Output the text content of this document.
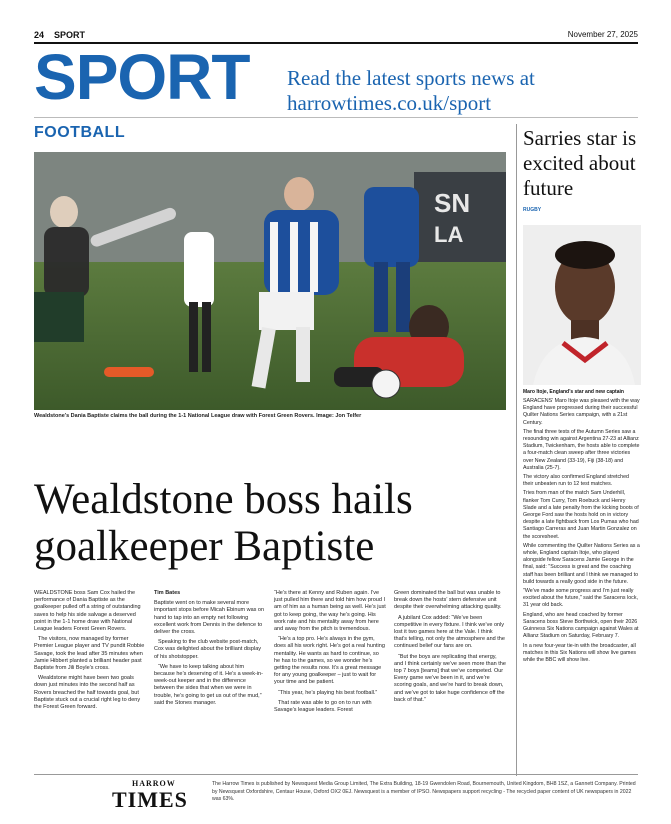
24 SPORT	November 27, 2025
SPORT Read the latest sports news at
harrowtimes.co.uk/sport
FOOTBALL
SN
LA
Wealdstone’s Dania Baptiste claims the ball during the 1-1 National League draw with Forest Green Rovers. Image: Jon Telfer
Wealdstone boss hails
goalkeeper Baptiste

WEALDSTONE boss Sam Cox hailed the performance of Dania Baptiste as the goalkeeper pulled off a string of outstanding saves to help his side salvage a deserved point in the 1-1 home draw with National League leaders Forest Green Rovers.

The visitors, now managed by former Premier League player and TV pundit Robbie Savage, took the lead after 35 minutes when Jamie Hibbert planted a brilliant header past Baptiste from Jili Boyle’s cross.

Wealdstone might have been two goals down just minutes into the second half as Rovers breached the half towards goal, but Baptiste stuck out a crucial right leg to deny the Forest Green forward.

Tim Bates

Baptiste went on to make several more important stops before Micah Ebinum was on hand to tap into an empty net following excellent work from Dennis in the defence to deliver the cross.

Speaking to the club website post-match, Cox was delighted about the brilliant display of his shotstopper.

“We have to keep talking about him because he’s deserving of it. He’s a week-in-week-out keeper and in the difference between the sides that when we were in trouble, he’s going to get us out of the mud,” said the Stones manager.

“He’s there at Kenny and Ruben again. I’ve just pulled him there and told him how proud I am of him as a human being as well. He’s just got to keep going, the way he’s going. His work rate and his mentality away from here and away from the pitch is tremendous.

“He’s a top pro. He’s always in the gym, does all his work right. He’s got a real hunting mentality. He wants as hard to continue, so he has to the games, so we wonder he’s getting the results now. It’s a great message for any young goalkeeper – just to wait for your time and be patient.

“This year, he’s playing his best football.”

That rate was able to go on to run with Savage’s league leaders. Forest

Green dominated the ball but was unable to break down the hosts’ stern defensive unit despite their overwhelming attacking quality.

A jubilant Cox added: “We’ve been competitive in every fixture. I think we’ve only lost it two games here at the Vale. I think that’s telling, not only the atmosphere and the continued belief our fans are on.

“But the boys are replicating that energy, and I think certainly we’ve seen more than the top 7 boys [teams] that we’ve competed. Our Every game we’ve been in it, and we’re scoring goals, and we’re hard to break down, and we’ve got to take huge confidence off the back of that.”

Sarries star is excited about future
RUGBY
Maro Itoje, England’s star and new captain

SARACENS’ Maro Itoje was pleased with the way England have progressed during their successful Quilter Nations Series campaign, with a 21st Century.

The final three tests of the Autumn Series saw a resounding win against Argentina 27-23 at Allianz Stadium, Twickenham, the hosts able to complete a four-match clean sweep after three victories over New Zealand (33-19), Fiji (38-18) and Australia (25-7).

The victory also confirmed England stretched their unbeaten run to 12 test matches.

Tries from man of the match Sam Underhill, flanker Tom Curry, Tom Roebuck and Henry Slade and a late penalty from the kicking boots of George Ford saw the hosts hold on in victory despite a late fightback from Los Pumas who had Santiago Carreras and Juan Martin Gonzalez on the scoresheet.

While commenting the Quilter Nations Series as a whole, England captain Itoje, who played alongside fellow Saracens Jamie George in the final, said: "Success is great and the coaching staff has been brilliant and I think we managed to build towards a really good side in the future.

"We’ve made some progress and I’m just really excited about the future," said the Saracens lock, 31 year old back.

England, who are head coached by former Saracens boss Steve Borthwick, open their 2026 Guinness Six Nations campaign against Wales at Allianz Stadium on Saturday, February 7.

In a new four-year tie-in with the broadcaster, all matches in this Six Nations will show live games while the BBC will show live.

HARROW
TIMES
The Harrow Times is published by Newsquest Media Group Limited, The Extra Building, 18-19 Gwendolen Road, Bournemouth, United Kingdom, BH8 1SZ, a Gannett Company. Printed by Newsquest Oxfordshire, Centaur House, Oxford OX2 0EJ. Newsquest is a member of IPSO. Newspapers support recycling - The recycled paper content of UK newspapers in 2022 was 63%.
